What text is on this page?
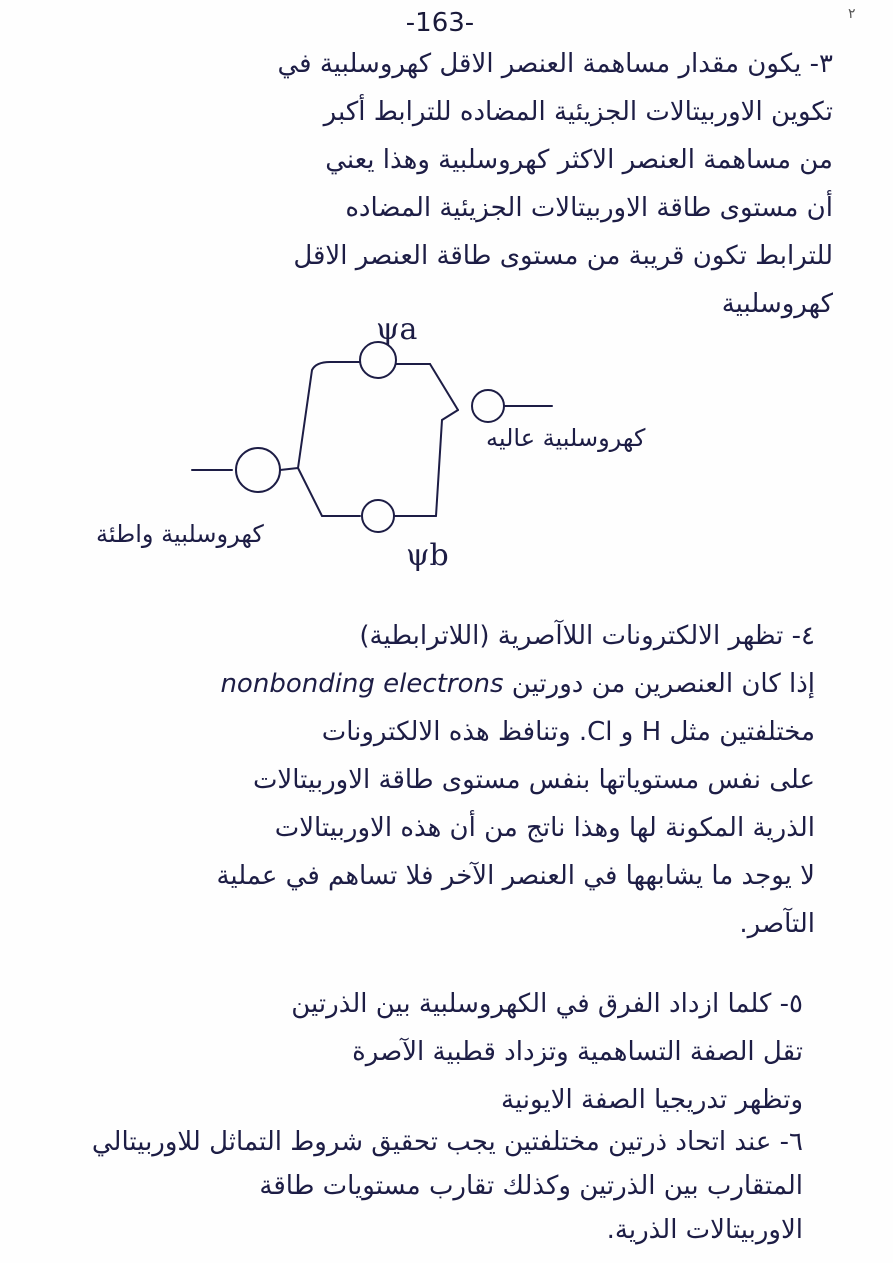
-163-	٢

٣- يكون مقدار مساهمة العنصر الاقل كهروسلبية في

تكوين الاوربيتالات الجزيئية المضاده للترابط أكبر

من مساهمة العنصر الاكثر كهروسلبية وهذا يعني

أن مستوى طاقة الاوربيتالات الجزيئية المضاده

للترابط تكون قريبة من مستوى طاقة العنصر الاقل

كهروسلبية

ψa
ψb
كهروسلبية عاليه
كهروسلبية واطئة

٤- تظهر الالكترونات اللاآصرية (اللاترابطية)

إذا كان العنصرين من دورتين nonbonding electrons

مختلفتين مثل H و Cl. وتنافظ هذه الالكترونات

على نفس مستوياتها بنفس مستوى طاقة الاوربيتالات

الذرية المكونة لها وهذا ناتج من أن هذه الاوربيتالات

لا يوجد ما يشابهها في العنصر الآخر فلا تساهم في عملية

التآصر.

٥- كلما ازداد الفرق في الكهروسلبية بين الذرتين

تقل الصفة التساهمية وتزداد قطبية الآصرة

وتظهر تدريجيا الصفة الايونية

٦- عند اتحاد ذرتين مختلفتين يجب تحقيق شروط التماثل للاوربيتالي

المتقارب بين الذرتين وكذلك تقارب مستويات طاقة

الاوربيتالات الذرية.
